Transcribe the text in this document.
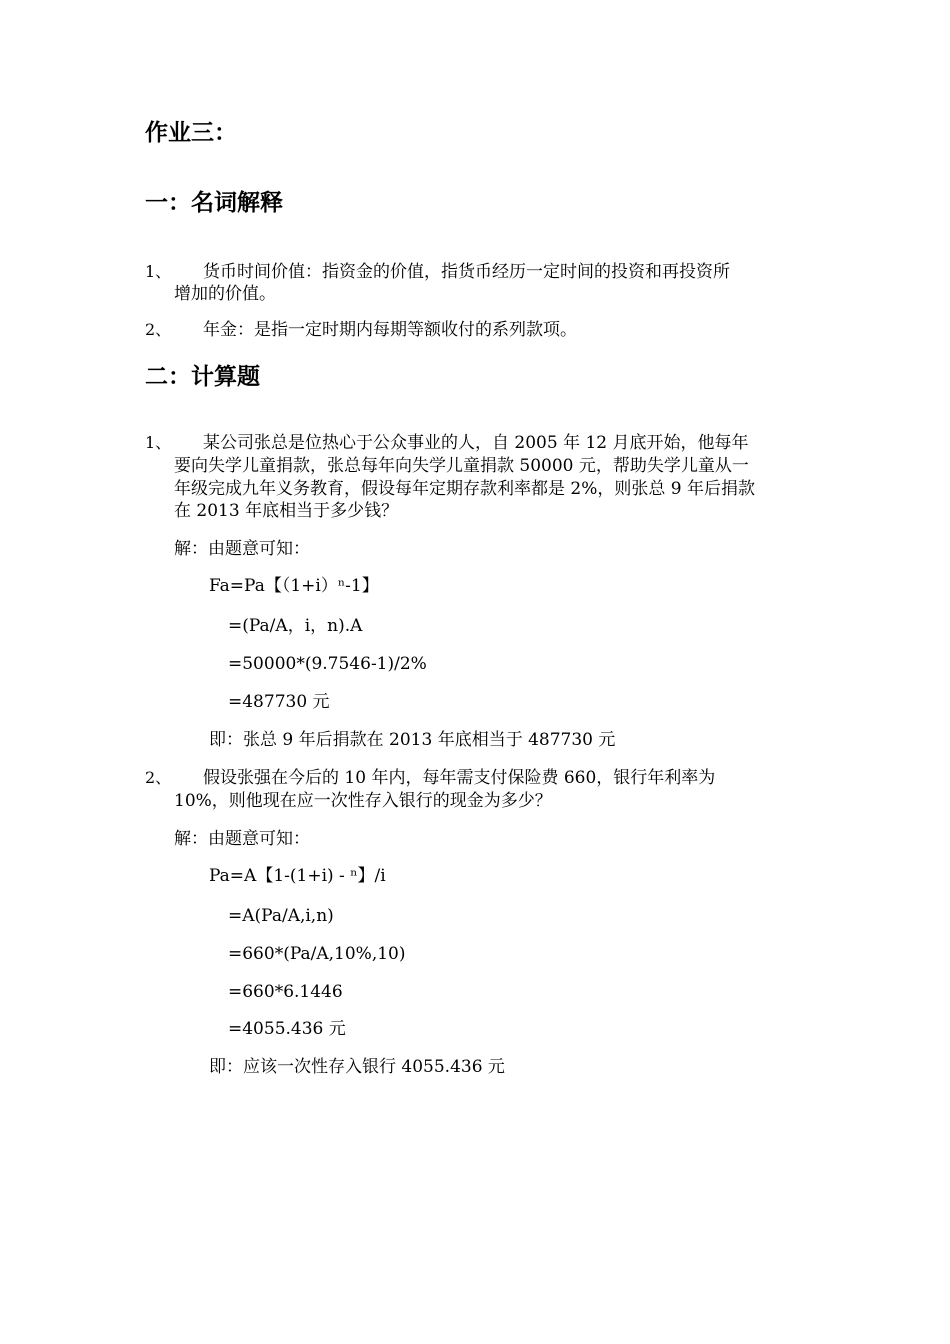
作业三：
一：名词解释
1、 货币时间价值：指资金的价值，指货币经历一定时间的投资和再投资所
增加的价值。
2、 年金：是指一定时期内每期等额收付的系列款项。
二：计算题
1、 某公司张总是位热心于公众事业的人，自 2005 年 12 月底开始，他每年
要向失学儿童捐款，张总每年向失学儿童捐款 50000 元，帮助失学儿童从一
年级完成九年义务教育，假设每年定期存款利率都是 2%，则张总 9 年后捐款
在 2013 年底相当于多少钱？
解：由题意可知：
Fa=Pa【（1+i）ⁿ-1】
=(Pa/A，i，n).A
=50000*(9.7546-1)/2%
=487730 元
即：张总 9 年后捐款在 2013 年底相当于 487730 元
2、 假设张强在今后的 10 年内，每年需支付保险费 660，银行年利率为
10%，则他现在应一次性存入银行的现金为多少？
解：由题意可知：
Pa=A【1-(1+i) - ⁿ】/i
=A(Pa/A,i,n)
=660*(Pa/A,10%,10)
=660*6.1446
=4055.436 元
即：应该一次性存入银行 4055.436 元
